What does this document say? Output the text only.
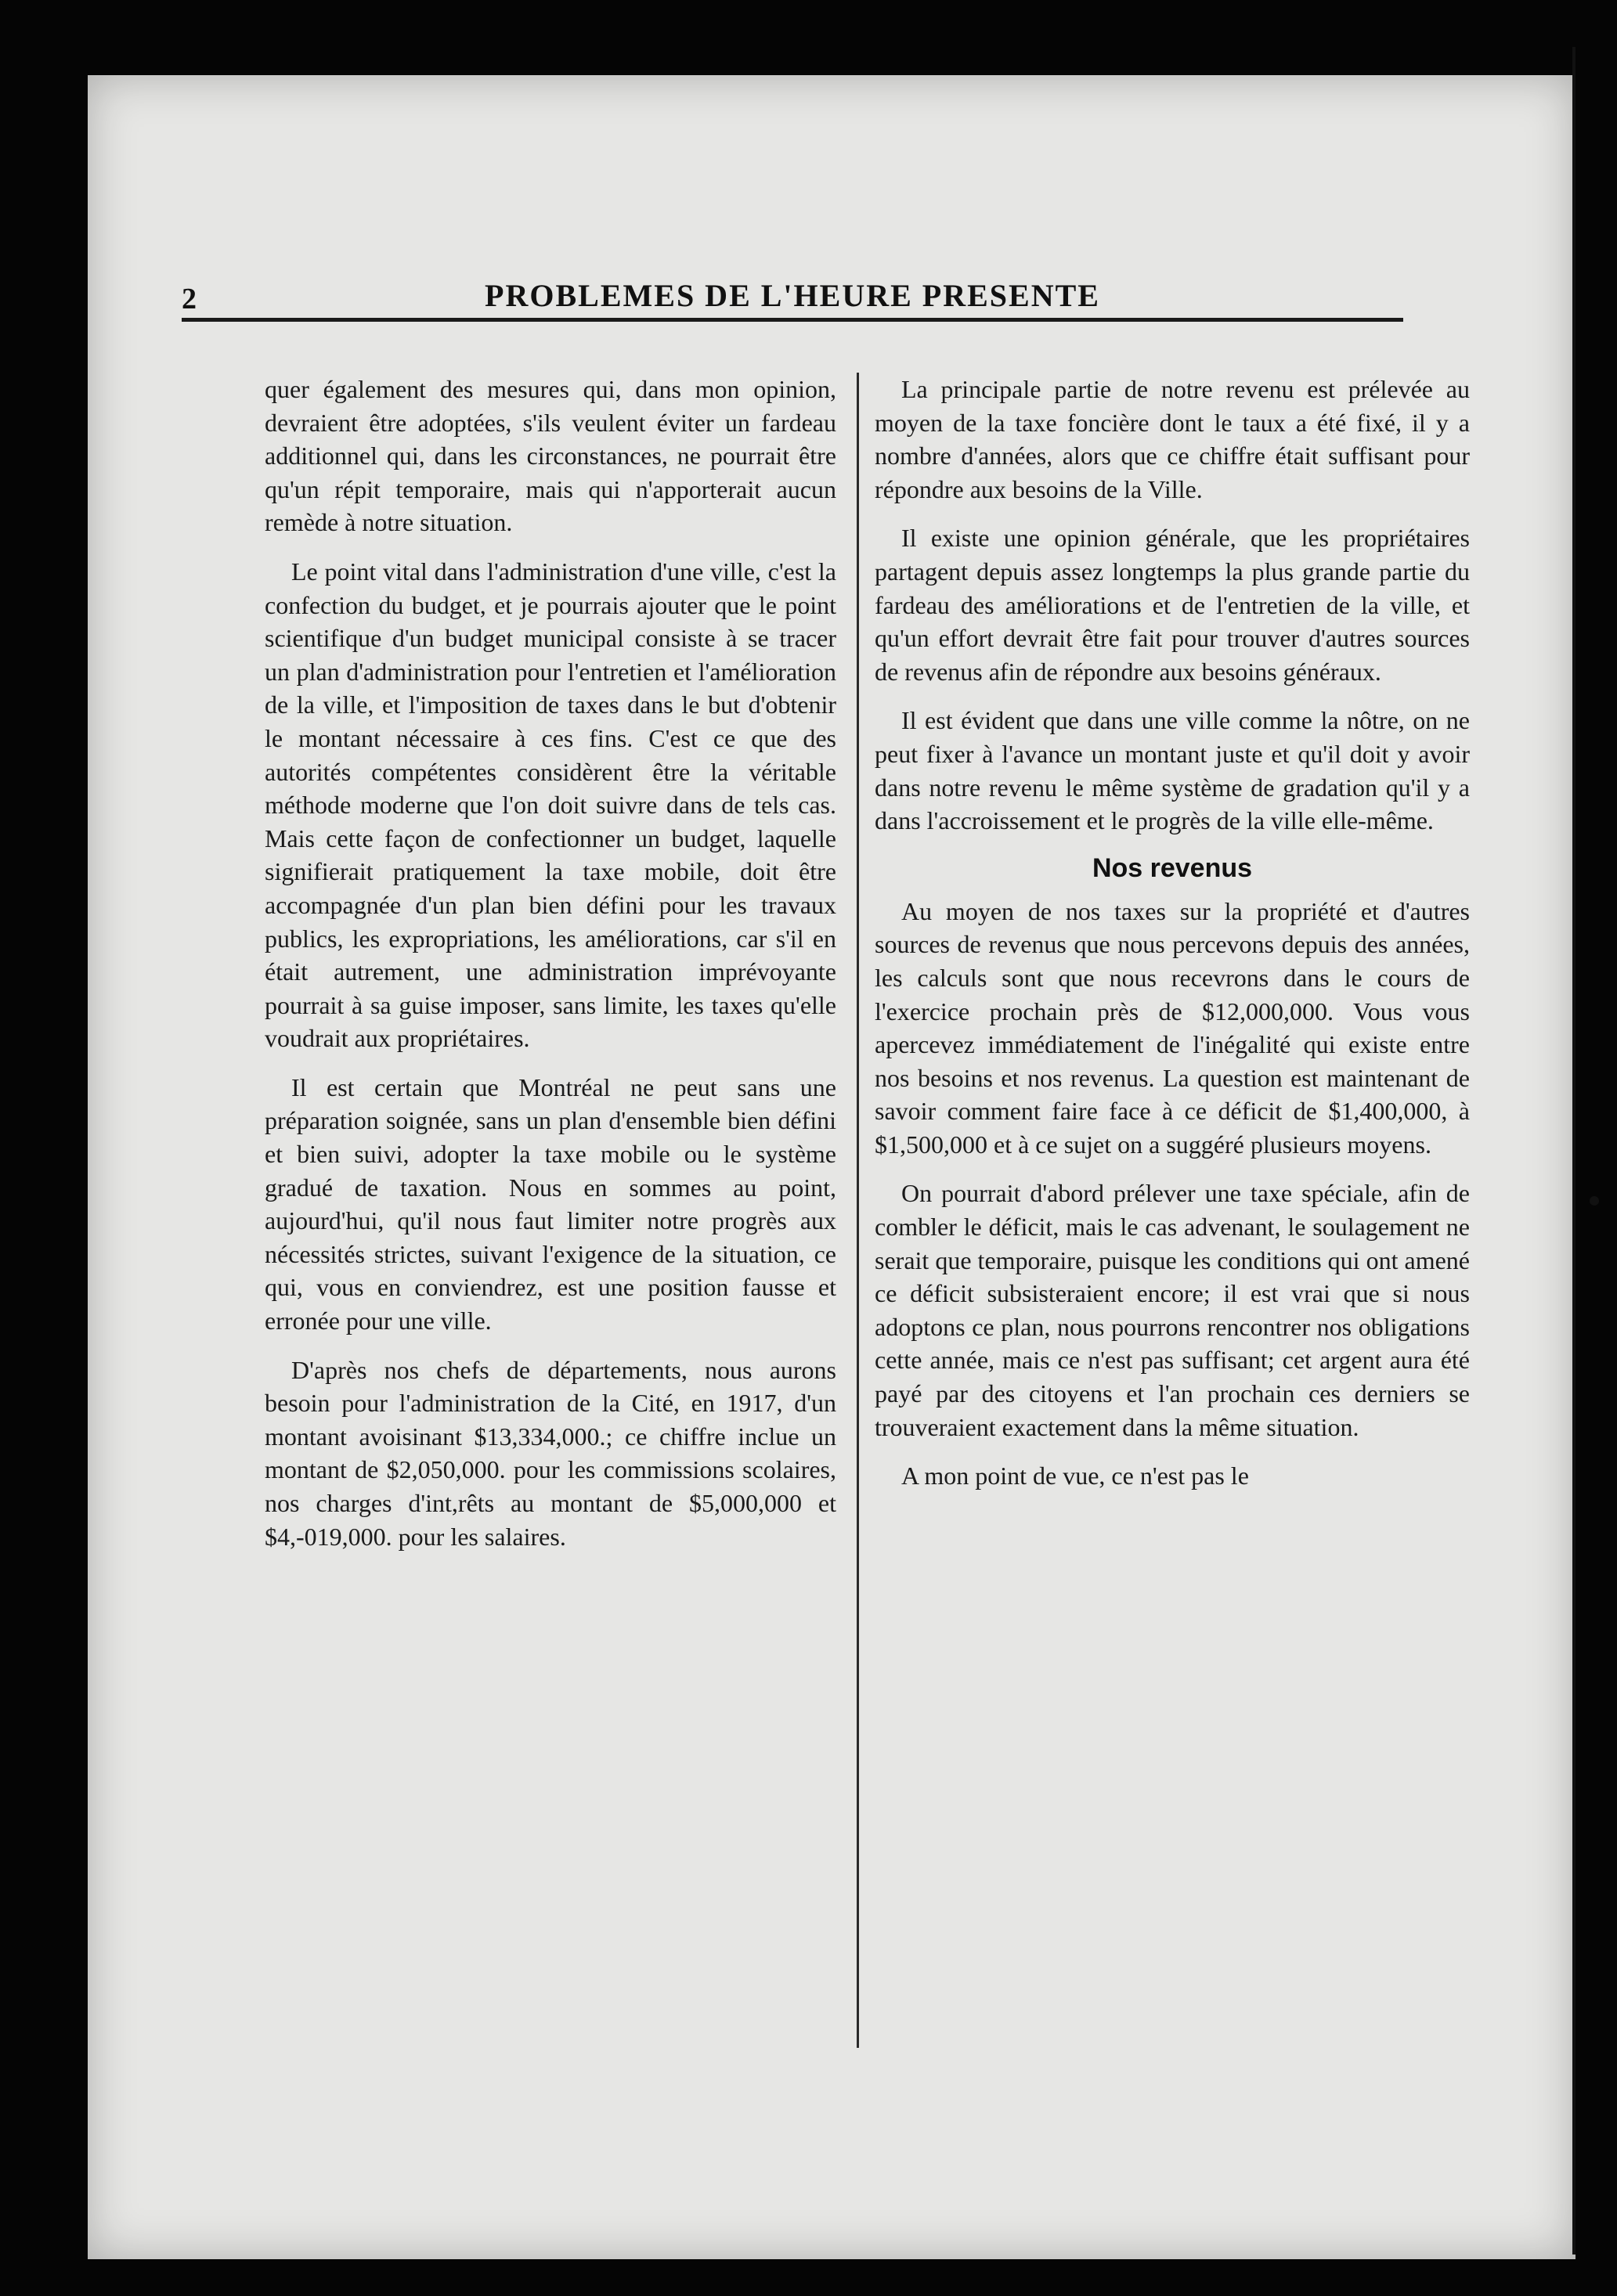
2	PROBLEMES DE L'HEURE PRESENTE

quer également des mesures qui, dans mon opinion, devraient être adoptées, s'ils veulent éviter un fardeau additionnel qui, dans les circonstances, ne pourrait être qu'un répit temporaire, mais qui n'apporterait aucun remède à notre situation.

Le point vital dans l'administration d'une ville, c'est la confection du budget, et je pourrais ajouter que le point scientifique d'un budget municipal consiste à se tracer un plan d'administration pour l'entretien et l'amélioration de la ville, et l'imposition de taxes dans le but d'obtenir le montant nécessaire à ces fins. C'est ce que des autorités compétentes considèrent être la véritable méthode moderne que l'on doit suivre dans de tels cas. Mais cette façon de confectionner un budget, laquelle signifierait pratiquement la taxe mobile, doit être accompagnée d'un plan bien défini pour les travaux publics, les expropriations, les améliorations, car s'il en était autrement, une administration imprévoyante pourrait à sa guise imposer, sans limite, les taxes qu'elle voudrait aux propriétaires.

Il est certain que Montréal ne peut sans une préparation soignée, sans un plan d'ensemble bien défini et bien suivi, adopter la taxe mobile ou le système gradué de taxation. Nous en sommes au point, aujourd'hui, qu'il nous faut limiter notre progrès aux nécessités strictes, suivant l'exigence de la situation, ce qui, vous en conviendrez, est une position fausse et erronée pour une ville.

D'après nos chefs de départements, nous aurons besoin pour l'administration de la Cité, en 1917, d'un montant avoisinant $13,334,000.; ce chiffre inclue un montant de $2,050,000. pour les commissions scolaires, nos charges d'int,rêts au montant de $5,000,000 et $4,-019,000. pour les salaires.

La principale partie de notre revenu est prélevée au moyen de la taxe foncière dont le taux a été fixé, il y a nombre d'années, alors que ce chiffre était suffisant pour répondre aux besoins de la Ville.

Il existe une opinion générale, que les propriétaires partagent depuis assez longtemps la plus grande partie du fardeau des améliorations et de l'entretien de la ville, et qu'un effort devrait être fait pour trouver d'autres sources de revenus afin de répondre aux besoins généraux.

Il est évident que dans une ville comme la nôtre, on ne peut fixer à l'avance un montant juste et qu'il doit y avoir dans notre revenu le même système de gradation qu'il y a dans l'accroissement et le progrès de la ville elle-même.

Nos revenus

Au moyen de nos taxes sur la propriété et d'autres sources de revenus que nous percevons depuis des années, les calculs sont que nous recevrons dans le cours de l'exercice prochain près de $12,000,000. Vous vous apercevez immédiatement de l'inégalité qui existe entre nos besoins et nos revenus. La question est maintenant de savoir comment faire face à ce déficit de $1,400,000, à $1,500,000 et à ce sujet on a suggéré plusieurs moyens.

On pourrait d'abord prélever une taxe spéciale, afin de combler le déficit, mais le cas advenant, le soulagement ne serait que temporaire, puisque les conditions qui ont amené ce déficit subsisteraient encore; il est vrai que si nous adoptons ce plan, nous pourrons rencontrer nos obligations cette année, mais ce n'est pas suffisant; cet argent aura été payé par des citoyens et l'an prochain ces derniers se trouveraient exactement dans la même situation.

A mon point de vue, ce n'est pas le
